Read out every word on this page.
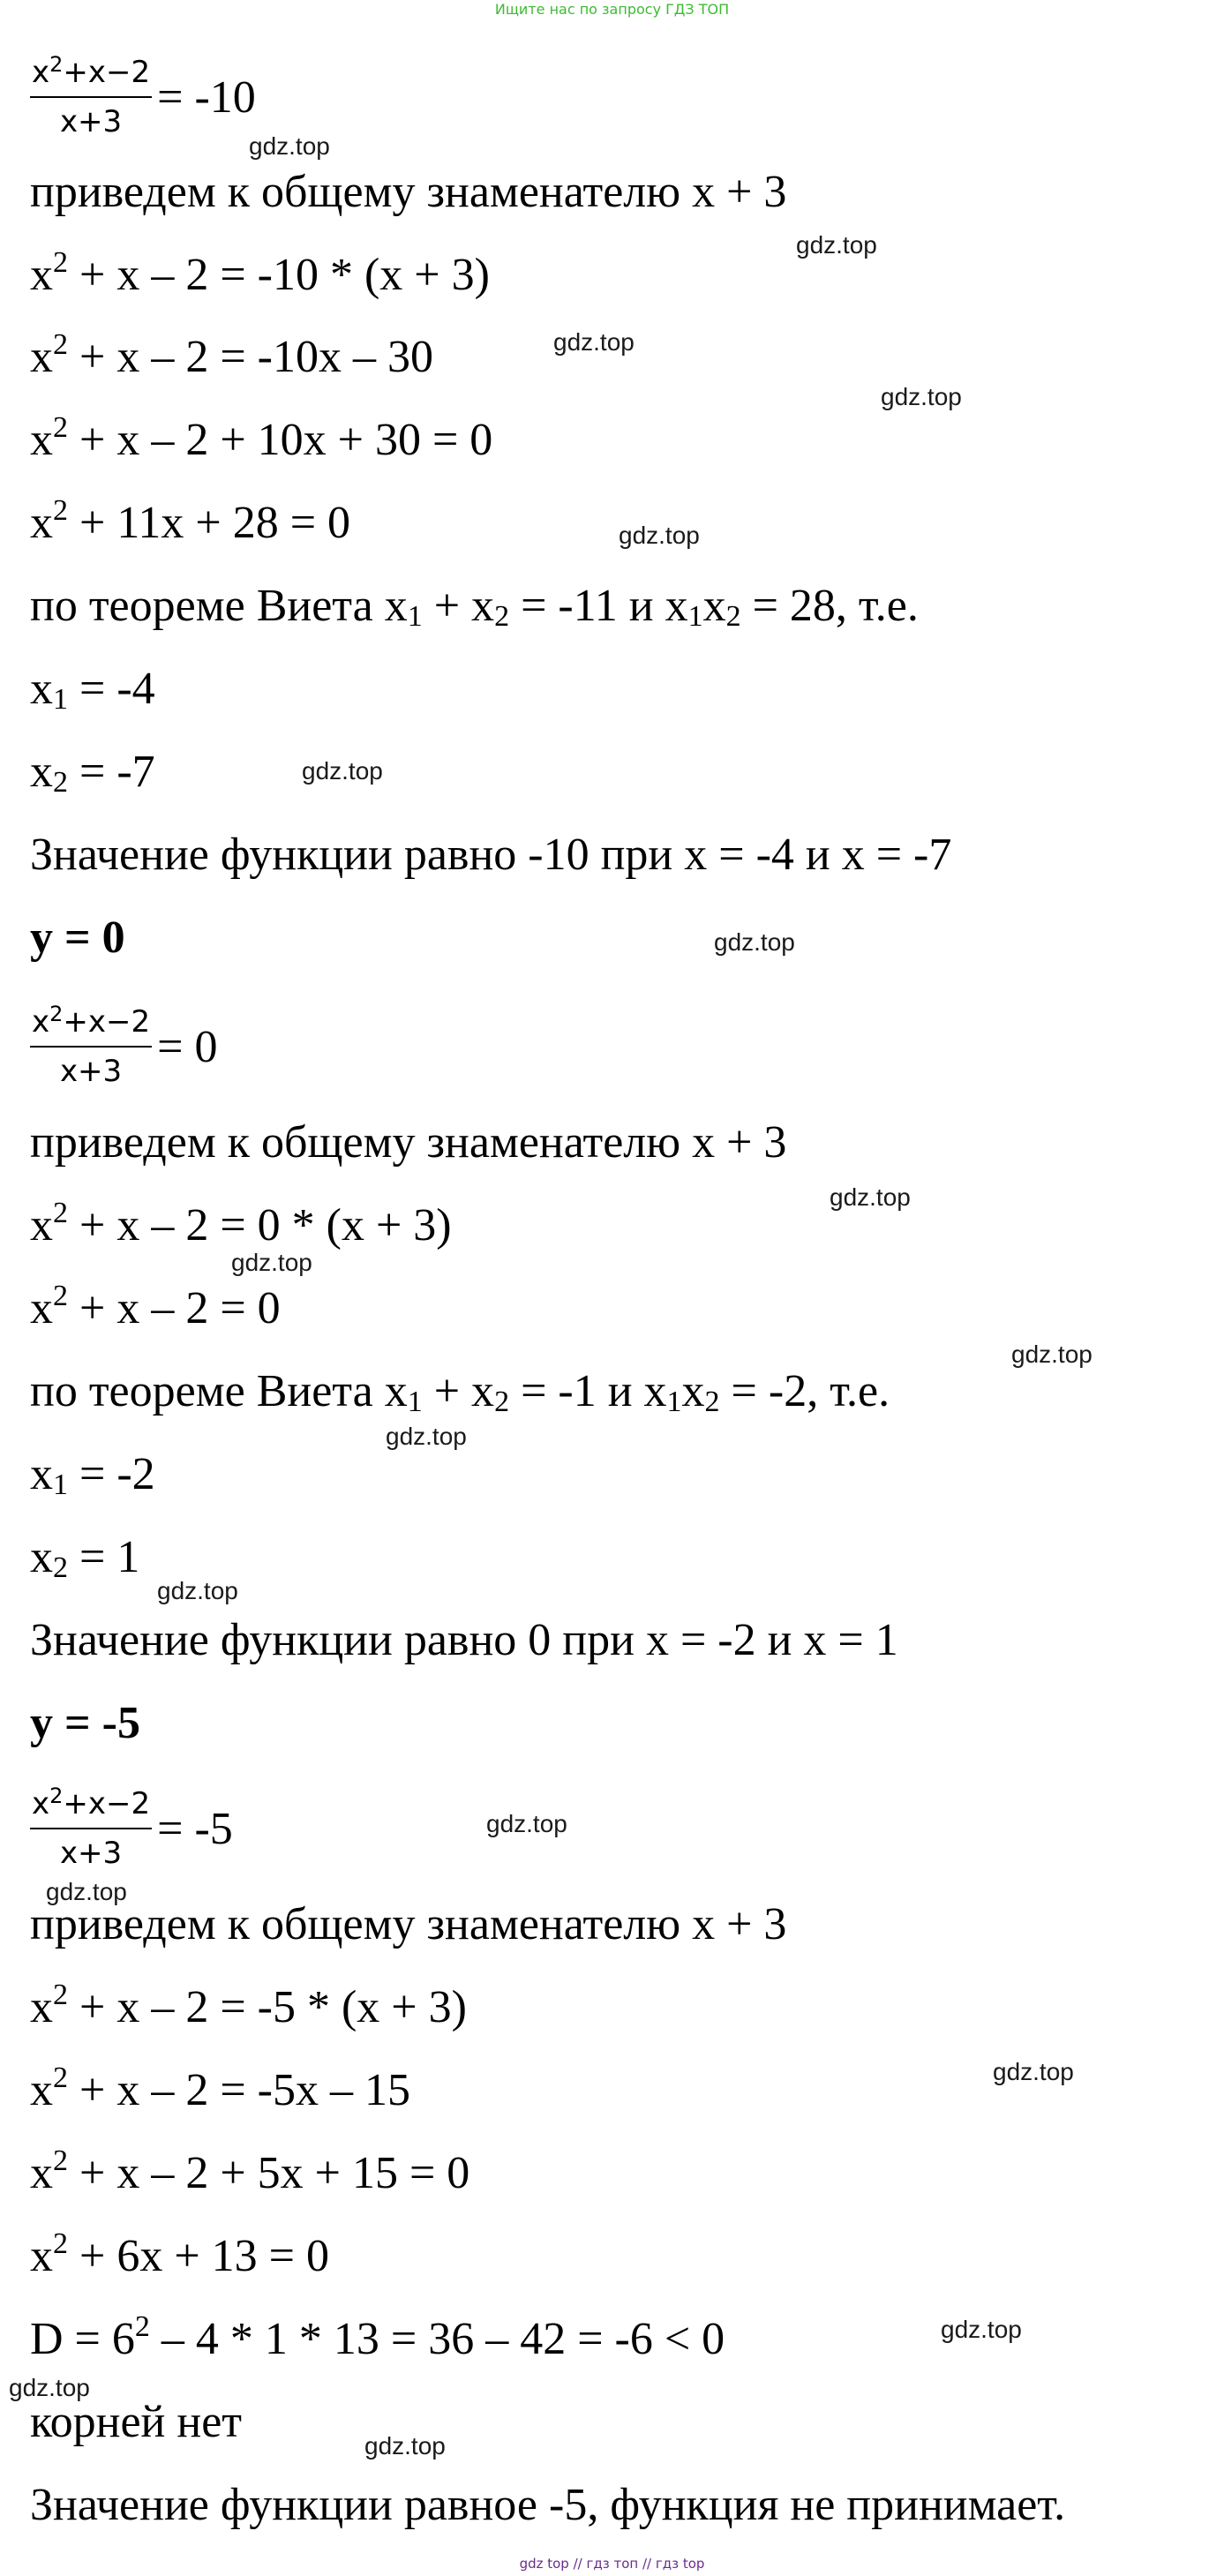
Ищите нас по запросу ГДЗ ТОП
$\frac{x^2+x-2}{x+3} = -10$
приведем к общему знаменателю x + 3
$x^2 + x - 2 = -10 * (x + 3)$
$x^2 + x - 2 = -10x - 30$
$x^2 + x - 2 + 10x + 30 = 0$
$x^2 + 11x + 28 = 0$
по теореме Виета $x_1 + x_2 = -11$ и $x_1x_2 = 28$, т.е.
$x_1 = -4$
$x_2 = -7$
Значение функции равно -10 при x = -4 и x = -7
y = 0
$\frac{x^2+x-2}{x+3} = 0$
приведем к общему знаменателю x + 3
$x^2 + x - 2 = 0 * (x + 3)$
$x^2 + x - 2 = 0$
по теореме Виета $x_1 + x_2 = -1$ и $x_1x_2 = -2$, т.е.
$x_1 = -2$
$x_2 = 1$
Значение функции равно 0 при x = -2 и x = 1
y = -5
$\frac{x^2+x-2}{x+3} = -5$
приведем к общему знаменателю x + 3
$x^2 + x - 2 = -5 * (x + 3)$
$x^2 + x - 2 = -5x - 15$
$x^2 + x - 2 + 5x + 15 = 0$
$x^2 + 6x + 13 = 0$
$D = 6^2 - 4 * 1 * 13 = 36 - 42 = -6 < 0$
корней нет
Значение функции равное -5, функция не принимает.
gdz.top
gdz.top
gdz.top
gdz.top
gdz.top
gdz.top
gdz.top
gdz.top
gdz.top
gdz.top
gdz.top
gdz.top
gdz.top
gdz.top
gdz.top
gdz.top
gdz.top
gdz.top
gdz top // гдз топ // гдз top
